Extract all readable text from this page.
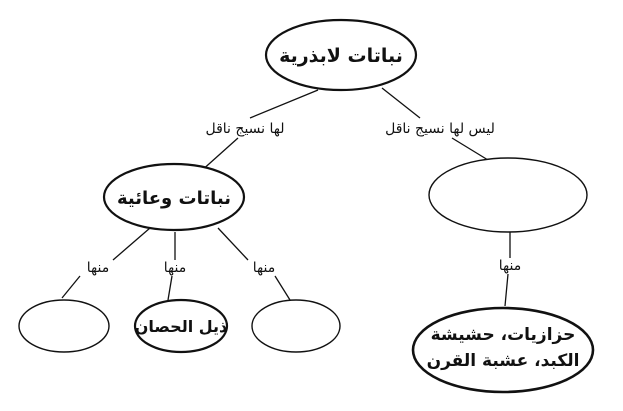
نباتات لابذرية
نباتات وعائية
ذيل الحصان	حزازيات، حشيشة
الكبد، عشبة القرن
لها نسيج ناقل	ليس لها نسيج ناقل
منها	منها	منها	منها
